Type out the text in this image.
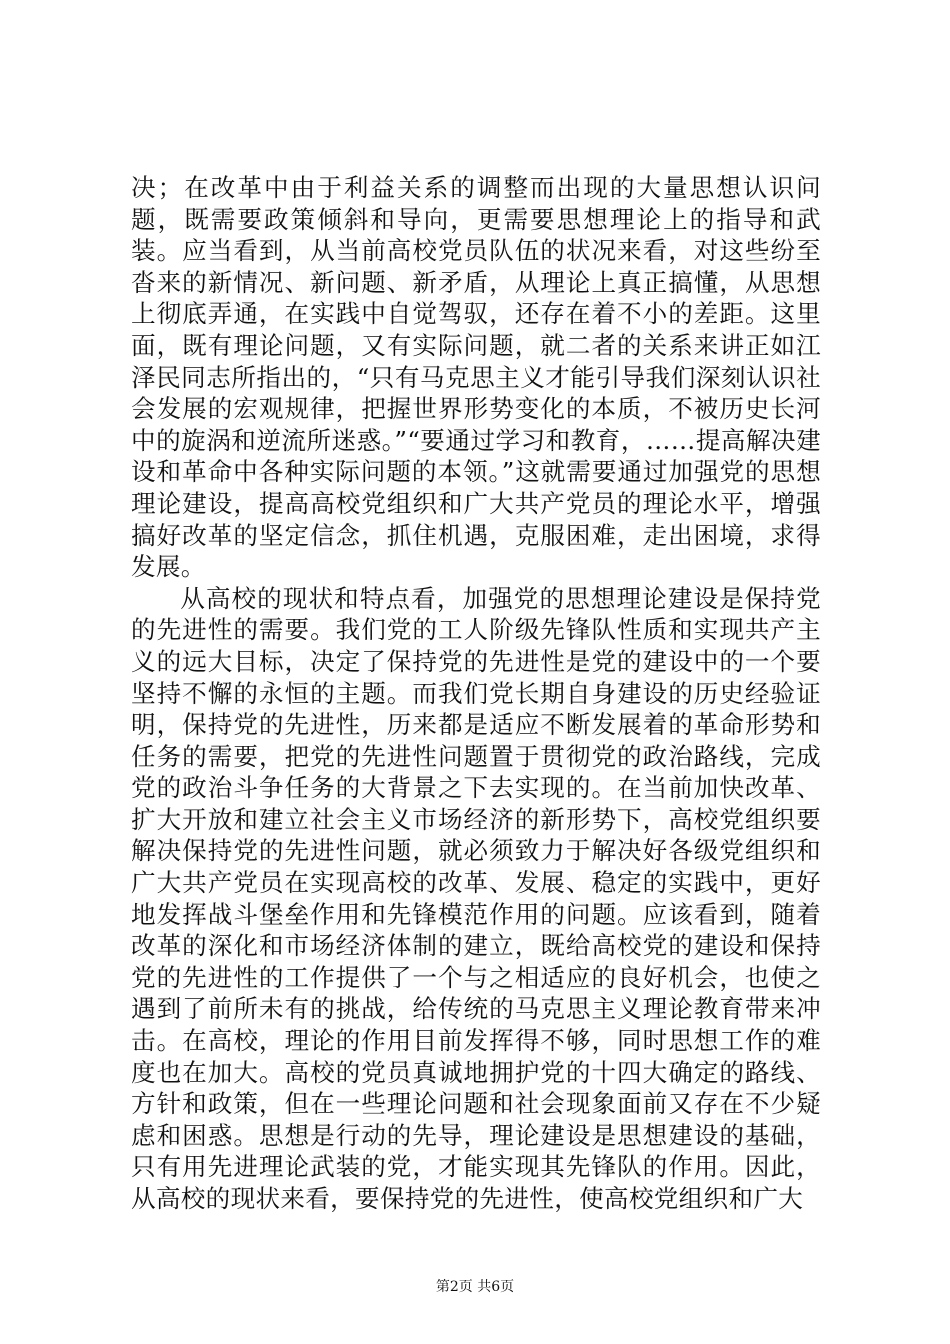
决；在改革中由于利益关系的调整而出现的大量思想认识问题，既需要政策倾斜和导向，更需要思想理论上的指导和武装。应当看到，从当前高校党员队伍的状况来看，对这些纷至沓来的新情况、新问题、新矛盾，从理论上真正搞懂，从思想上彻底弄通，在实践中自觉驾驭，还存在着不小的差距。这里面，既有理论问题，又有实际问题，就二者的关系来讲正如江泽民同志所指出的，“只有马克思主义才能引导我们深刻认识社会发展的宏观规律，把握世界形势变化的本质，不被历史长河中的旋涡和逆流所迷惑。”“要通过学习和教育，……提高解决建设和革命中各种实际问题的本领。”这就需要通过加强党的思想理论建设，提高高校党组织和广大共产党员的理论水平，增强搞好改革的坚定信念，抓住机遇，克服困难，走出困境，求得发展。

从高校的现状和特点看，加强党的思想理论建设是保持党的先进性的需要。我们党的工人阶级先锋队性质和实现共产主义的远大目标，决定了保持党的先进性是党的建设中的一个要坚持不懈的永恒的主题。而我们党长期自身建设的历史经验证明，保持党的先进性，历来都是适应不断发展着的革命形势和任务的需要，把党的先进性问题置于贯彻党的政治路线，完成党的政治斗争任务的大背景之下去实现的。在当前加快改革、扩大开放和建立社会主义市场经济的新形势下，高校党组织要解决保持党的先进性问题，就必须致力于解决好各级党组织和广大共产党员在实现高校的改革、发展、稳定的实践中，更好地发挥战斗堡垒作用和先锋模范作用的问题。应该看到，随着改革的深化和市场经济体制的建立，既给高校党的建设和保持党的先进性的工作提供了一个与之相适应的良好机会，也使之遇到了前所未有的挑战，给传统的马克思主义理论教育带来冲击。在高校，理论的作用目前发挥得不够，同时思想工作的难度也在加大。高校的党员真诚地拥护党的十四大确定的路线、方针和政策，但在一些理论问题和社会现象面前又存在不少疑虑和困惑。思想是行动的先导，理论建设是思想建设的基础，只有用先进理论武装的党，才能实现其先锋队的作用。因此，从高校的现状来看，要保持党的先进性，使高校党组织和广大

第2页 共6页
